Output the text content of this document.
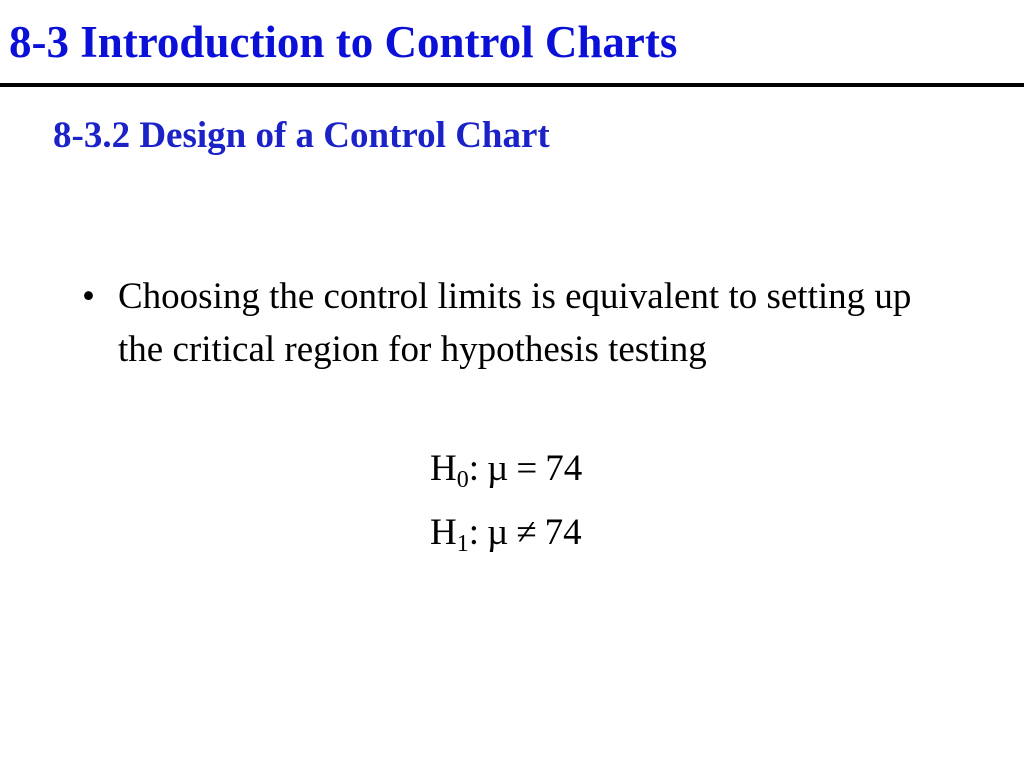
8-3 Introduction to Control Charts
8-3.2 Design of a Control Chart
• Choosing the control limits is equivalent to setting up the critical region for hypothesis testing
$H_0$: µ = 74
$H_1$: µ ≠ 74
